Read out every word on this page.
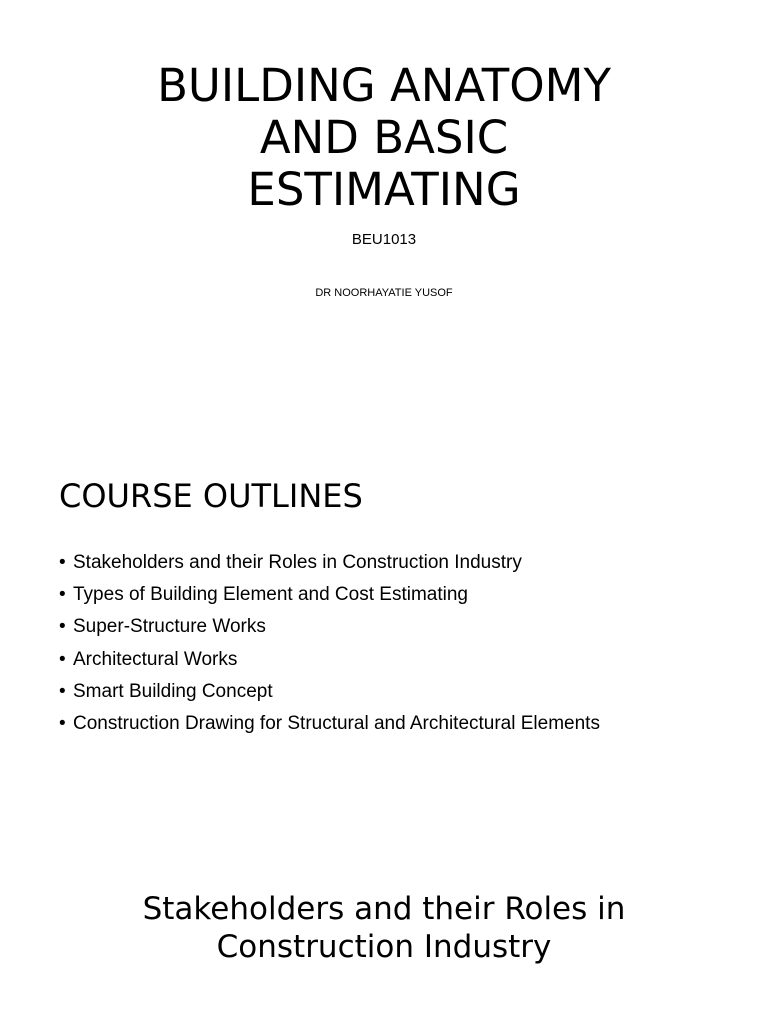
BUILDING ANATOMY
AND BASIC
ESTIMATING
BEU1013
DR NOORHAYATIE YUSOF
COURSE OUTLINES
• Stakeholders and their Roles in Construction Industry
• Types of Building Element and Cost Estimating
• Super-Structure Works
• Architectural Works
• Smart Building Concept
• Construction Drawing for Structural and Architectural Elements
Stakeholders and their Roles in
Construction Industry
